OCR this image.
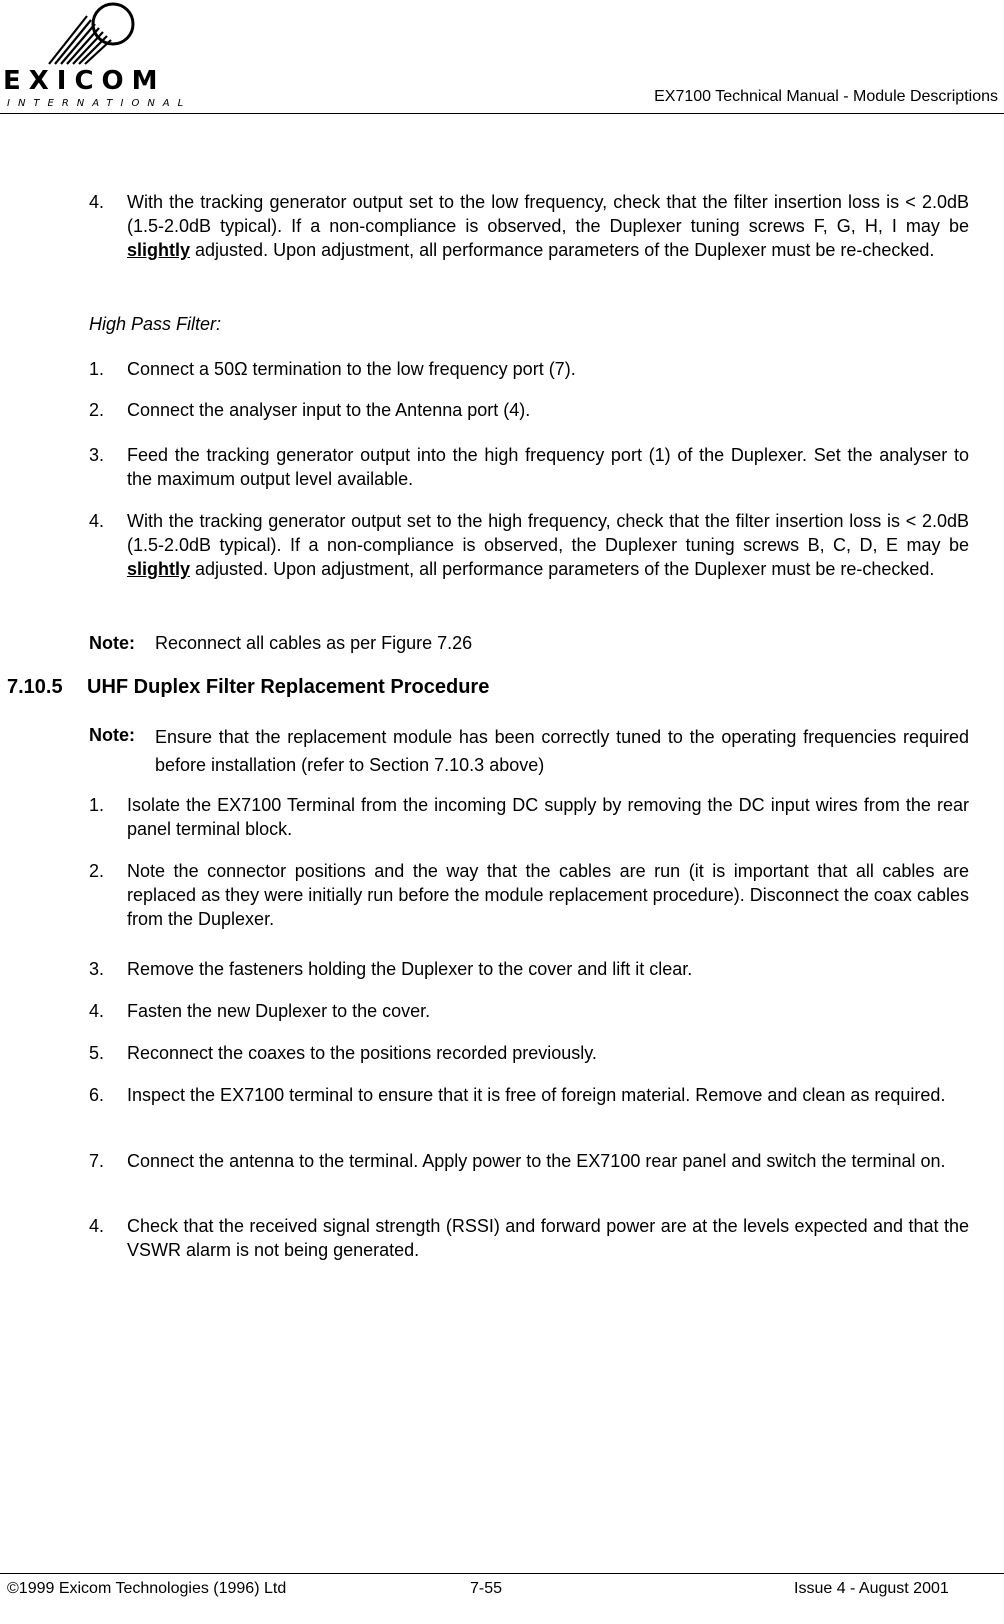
EXICOM
INTERNATIONAL	EX7100 Technical Manual - Module Descriptions
4. With the tracking generator output set to the low frequency, check that the filter insertion loss is < 2.0dB (1.5-2.0dB typical). If a non-compliance is observed, the Duplexer tuning screws F, G, H, I may be slightly adjusted. Upon adjustment, all performance parameters of the Duplexer must be re-checked.
High Pass Filter:
1. Connect a 50Ω termination to the low frequency port (7).
2. Connect the analyser input to the Antenna port (4).
3. Feed the tracking generator output into the high frequency port (1) of the Duplexer. Set the analyser to the maximum output level available.
4. With the tracking generator output set to the high frequency, check that the filter insertion loss is < 2.0dB (1.5-2.0dB typical). If a non-compliance is observed, the Duplexer tuning screws B, C, D, E may be slightly adjusted. Upon adjustment, all performance parameters of the Duplexer must be re-checked.
Note: Reconnect all cables as per Figure 7.26
7.10.5 UHF Duplex Filter Replacement Procedure
Note: Ensure that the replacement module has been correctly tuned to the operating frequencies required before installation (refer to Section 7.10.3 above)
1. Isolate the EX7100 Terminal from the incoming DC supply by removing the DC input wires from the rear panel terminal block.
2. Note the connector positions and the way that the cables are run (it is important that all cables are replaced as they were initially run before the module replacement procedure). Disconnect the coax cables from the Duplexer.
3. Remove the fasteners holding the Duplexer to the cover and lift it clear.
4. Fasten the new Duplexer to the cover.
5. Reconnect the coaxes to the positions recorded previously.
6. Inspect the EX7100 terminal to ensure that it is free of foreign material. Remove and clean as required.
7. Connect the antenna to the terminal. Apply power to the EX7100 rear panel and switch the terminal on.
4. Check that the received signal strength (RSSI) and forward power are at the levels expected and that the VSWR alarm is not being generated.
©1999 Exicom Technologies (1996) Ltd	7-55	Issue 4 - August 2001
